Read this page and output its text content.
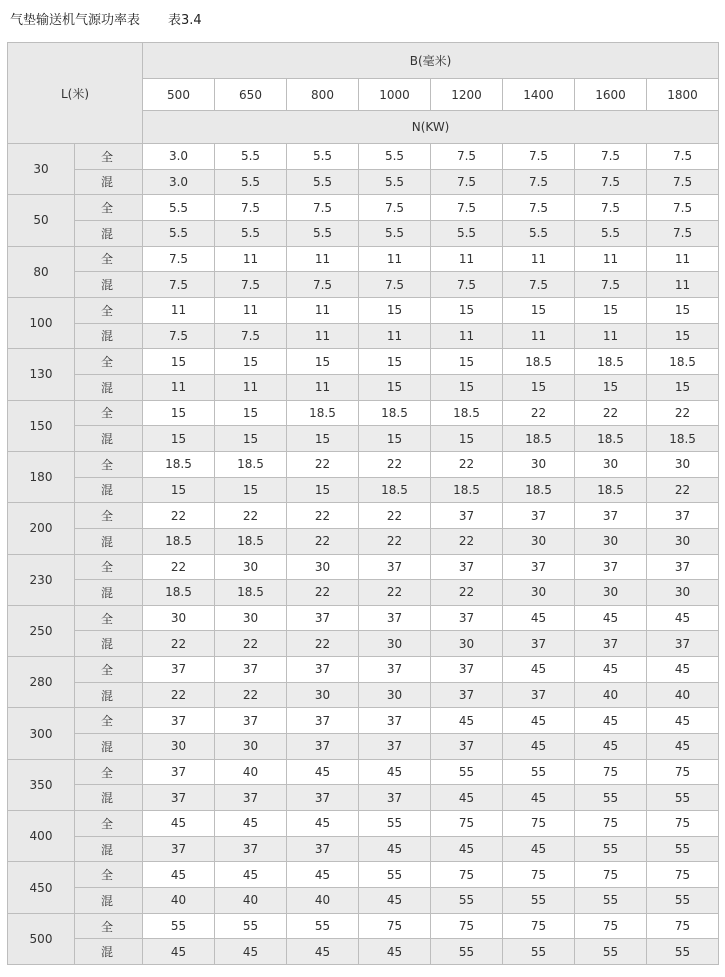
气垫输送机气源功率表 表3.4
L(米)		B(毫米)							
		500	650	800	1000	1200	1400	1600	1800
		N(KW)							
30	全	3.0	5.5	5.5	5.5	7.5	7.5	7.5	7.5
	混	3.0	5.5	5.5	5.5	7.5	7.5	7.5	7.5
50	全	5.5	7.5	7.5	7.5	7.5	7.5	7.5	7.5
	混	5.5	5.5	5.5	5.5	5.5	5.5	5.5	7.5
80	全	7.5	11	11	11	11	11	11	11
	混	7.5	7.5	7.5	7.5	7.5	7.5	7.5	11
100	全	11	11	11	15	15	15	15	15
	混	7.5	7.5	11	11	11	11	11	15
130	全	15	15	15	15	15	18.5	18.5	18.5
	混	11	11	11	15	15	15	15	15
150	全	15	15	18.5	18.5	18.5	22	22	22
	混	15	15	15	15	15	18.5	18.5	18.5
180	全	18.5	18.5	22	22	22	30	30	30
	混	15	15	15	18.5	18.5	18.5	18.5	22
200	全	22	22	22	22	37	37	37	37
	混	18.5	18.5	22	22	22	30	30	30
230	全	22	30	30	37	37	37	37	37
	混	18.5	18.5	22	22	22	30	30	30
250	全	30	30	37	37	37	45	45	45
	混	22	22	22	30	30	37	37	37
280	全	37	37	37	37	37	45	45	45
	混	22	22	30	30	37	37	40	40
300	全	37	37	37	37	45	45	45	45
	混	30	30	37	37	37	45	45	45
350	全	37	40	45	45	55	55	75	75
	混	37	37	37	37	45	45	55	55
400	全	45	45	45	55	75	75	75	75
	混	37	37	37	45	45	45	55	55
450	全	45	45	45	55	75	75	75	75
	混	40	40	40	45	55	55	55	55
500	全	55	55	55	75	75	75	75	75
	混	45	45	45	45	55	55	55	55
